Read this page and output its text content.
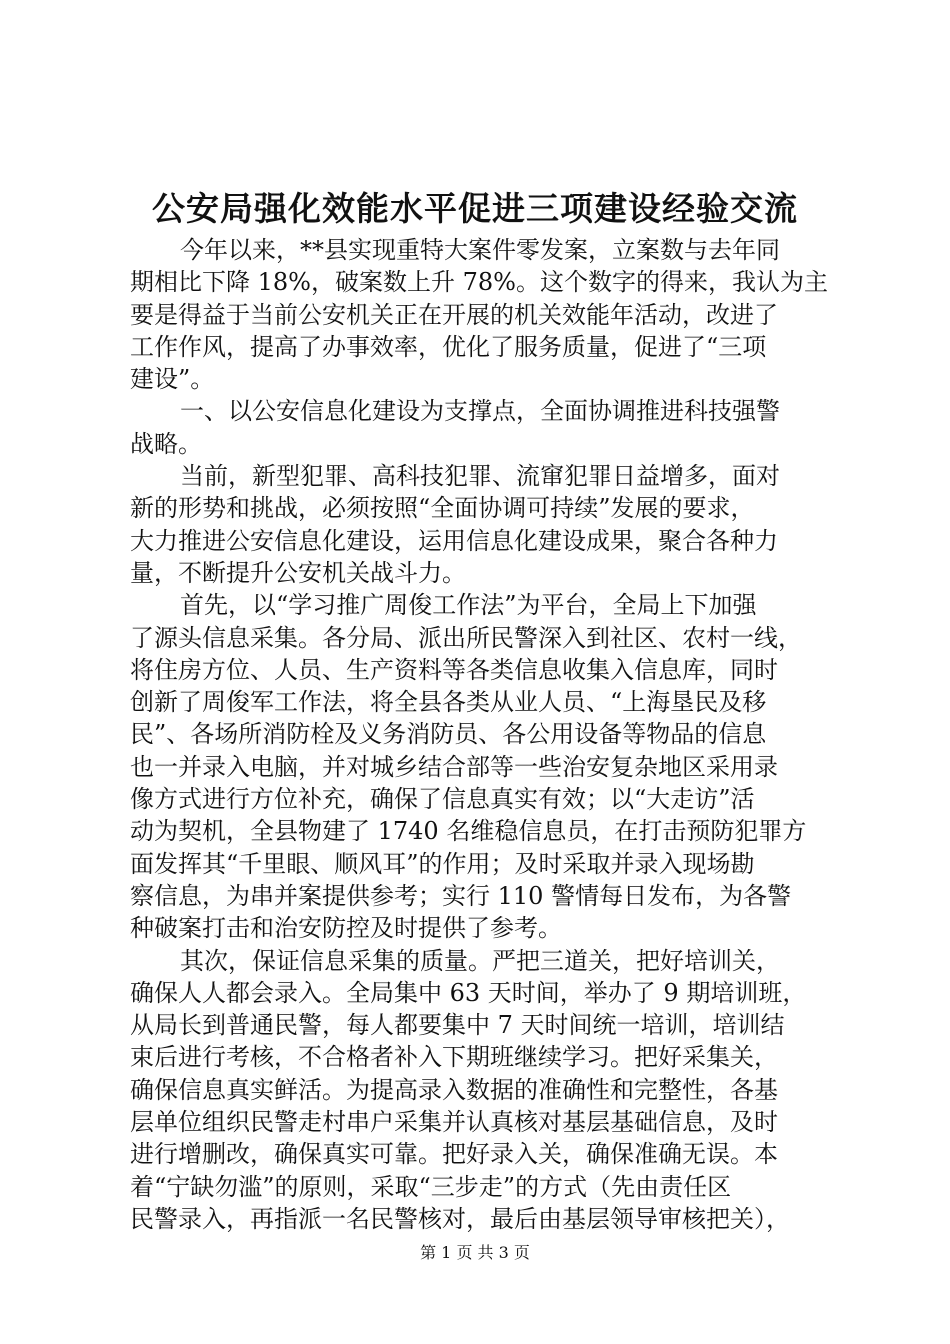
公安局强化效能水平促进三项建设经验交流
今年以来，**县实现重特大案件零发案，立案数与去年同
期相比下降 18%，破案数上升 78%。这个数字的得来，我认为主
要是得益于当前公安机关正在开展的机关效能年活动，改进了
工作作风，提高了办事效率，优化了服务质量，促进了“三项
建设”。
一、以公安信息化建设为支撑点，全面协调推进科技强警
战略。
当前，新型犯罪、高科技犯罪、流窜犯罪日益增多，面对
新的形势和挑战，必须按照“全面协调可持续”发展的要求，
大力推进公安信息化建设，运用信息化建设成果，聚合各种力
量，不断提升公安机关战斗力。
首先，以“学习推广周俊工作法”为平台，全局上下加强
了源头信息采集。各分局、派出所民警深入到社区、农村一线，
将住房方位、人员、生产资料等各类信息收集入信息库，同时
创新了周俊军工作法，将全县各类从业人员、“上海垦民及移
民”、各场所消防栓及义务消防员、各公用设备等物品的信息
也一并录入电脑，并对城乡结合部等一些治安复杂地区采用录
像方式进行方位补充，确保了信息真实有效；以“大走访”活
动为契机，全县物建了 1740 名维稳信息员，在打击预防犯罪方
面发挥其“千里眼、顺风耳”的作用；及时采取并录入现场勘
察信息，为串并案提供参考；实行 110 警情每日发布，为各警
种破案打击和治安防控及时提供了参考。
其次，保证信息采集的质量。严把三道关，把好培训关，
确保人人都会录入。全局集中 63 天时间，举办了 9 期培训班，
从局长到普通民警，每人都要集中 7 天时间统一培训，培训结
束后进行考核，不合格者补入下期班继续学习。把好采集关，
确保信息真实鲜活。为提高录入数据的准确性和完整性，各基
层单位组织民警走村串户采集并认真核对基层基础信息，及时
进行增删改，确保真实可靠。把好录入关，确保准确无误。本
着“宁缺勿滥”的原则，采取“三步走”的方式（先由责任区
民警录入，再指派一名民警核对，最后由基层领导审核把关），
第 1 页 共 3 页
